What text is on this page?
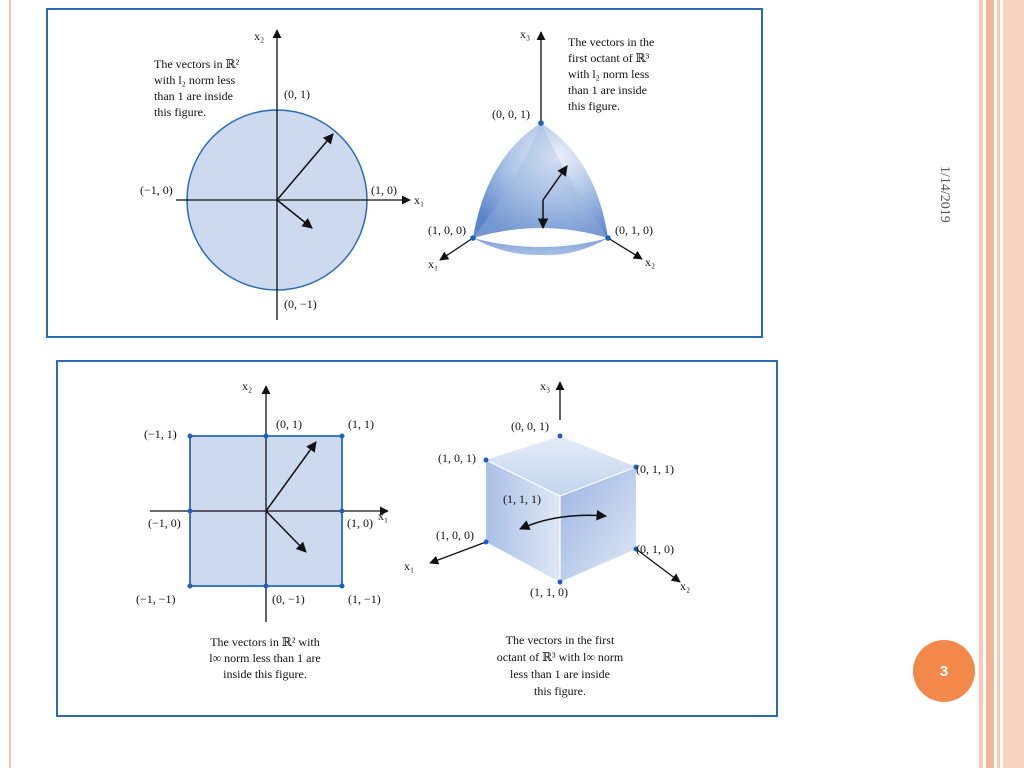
1/14/2019
3
x₂
x₁
(0, 1)
(−1, 0)	(1, 0)
(0, −1)
The vectors in ℝ²
with l₂ norm less
than 1 are inside
this figure.
x₃
x₁	x₂
(0, 0, 1)
(1, 0, 0)	(0, 1, 0)
The vectors in the
first octant of ℝ³
with l₂ norm less
than 1 are inside
this figure.
x₂
x₁
(0, 1)	(1, 1)
(−1, 1)
(−1, 0)	(1, 0)
(−1, −1)	(0, −1)	(1, −1)
The vectors in ℝ² with
l∞ norm less than 1 are
inside this figure.
x₃
x₁
x₂
(0, 0, 1)
(1, 0, 1)
(0, 1, 1)
(1, 1, 1)
(1, 0, 0)
(0, 1, 0)
(1, 1, 0)
The vectors in the first
octant of ℝ³ with l∞ norm
less than 1 are inside
this figure.
